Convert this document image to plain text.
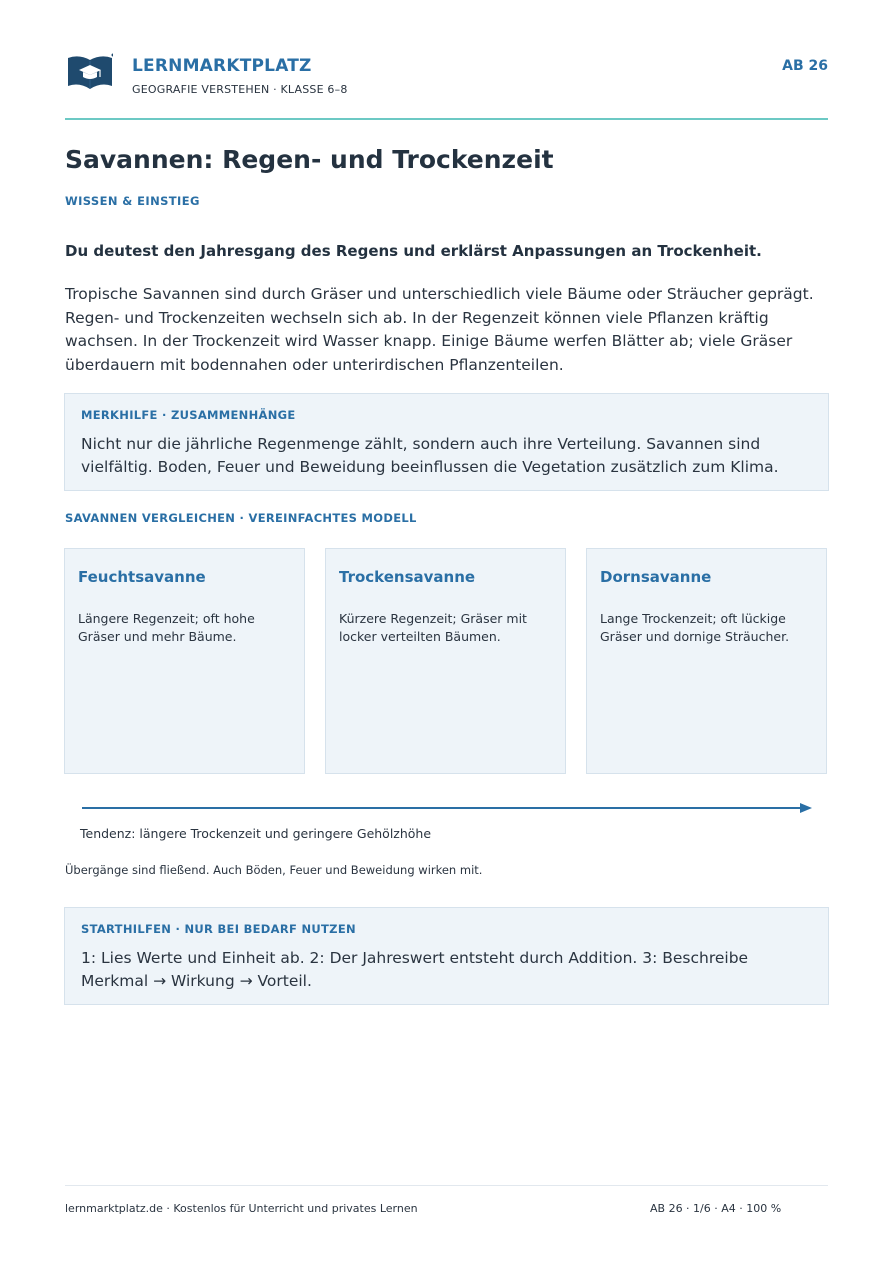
LERNMARKTPLATZ
GEOGRAFIE VERSTEHEN · KLASSE 6–8
AB 26
Savannen: Regen- und Trockenzeit
WISSEN & EINSTIEG
Du deutest den Jahresgang des Regens und erklärst Anpassungen an Trockenheit.

Tropische Savannen sind durch Gräser und unterschiedlich viele Bäume oder Sträucher geprägt. Regen- und Trockenzeiten wechseln sich ab. In der Regenzeit können viele Pflanzen kräftig wachsen. In der Trockenzeit wird Wasser knapp. Einige Bäume werfen Blätter ab; viele Gräser überdauern mit bodennahen oder unterirdischen Pflanzenteilen.

MERKHILFE · ZUSAMMENHÄNGE
Nicht nur die jährliche Regenmenge zählt, sondern auch ihre Verteilung. Savannen sind vielfältig. Boden, Feuer und Beweidung beeinflussen die Vegetation zusätzlich zum Klima.
SAVANNEN VERGLEICHEN · VEREINFACHTES MODELL
Feuchtsavanne
Längere Regenzeit; oft hohe Gräser und mehr Bäume.
Trockensavanne
Kürzere Regenzeit; Gräser mit locker verteilten Bäumen.
Dornsavanne
Lange Trockenzeit; oft lückige Gräser und dornige Sträucher.
Tendenz: längere Trockenzeit und geringere Gehölzhöhe
Übergänge sind fließend. Auch Böden, Feuer und Beweidung wirken mit.
STARTHILFEN · NUR BEI BEDARF NUTZEN
1: Lies Werte und Einheit ab. 2: Der Jahreswert entsteht durch Addition. 3: Beschreibe Merkmal → Wirkung → Vorteil.
lernmarktplatz.de · Kostenlos für Unterricht und privates Lernen	AB 26 · 1/6 · A4 · 100 %
